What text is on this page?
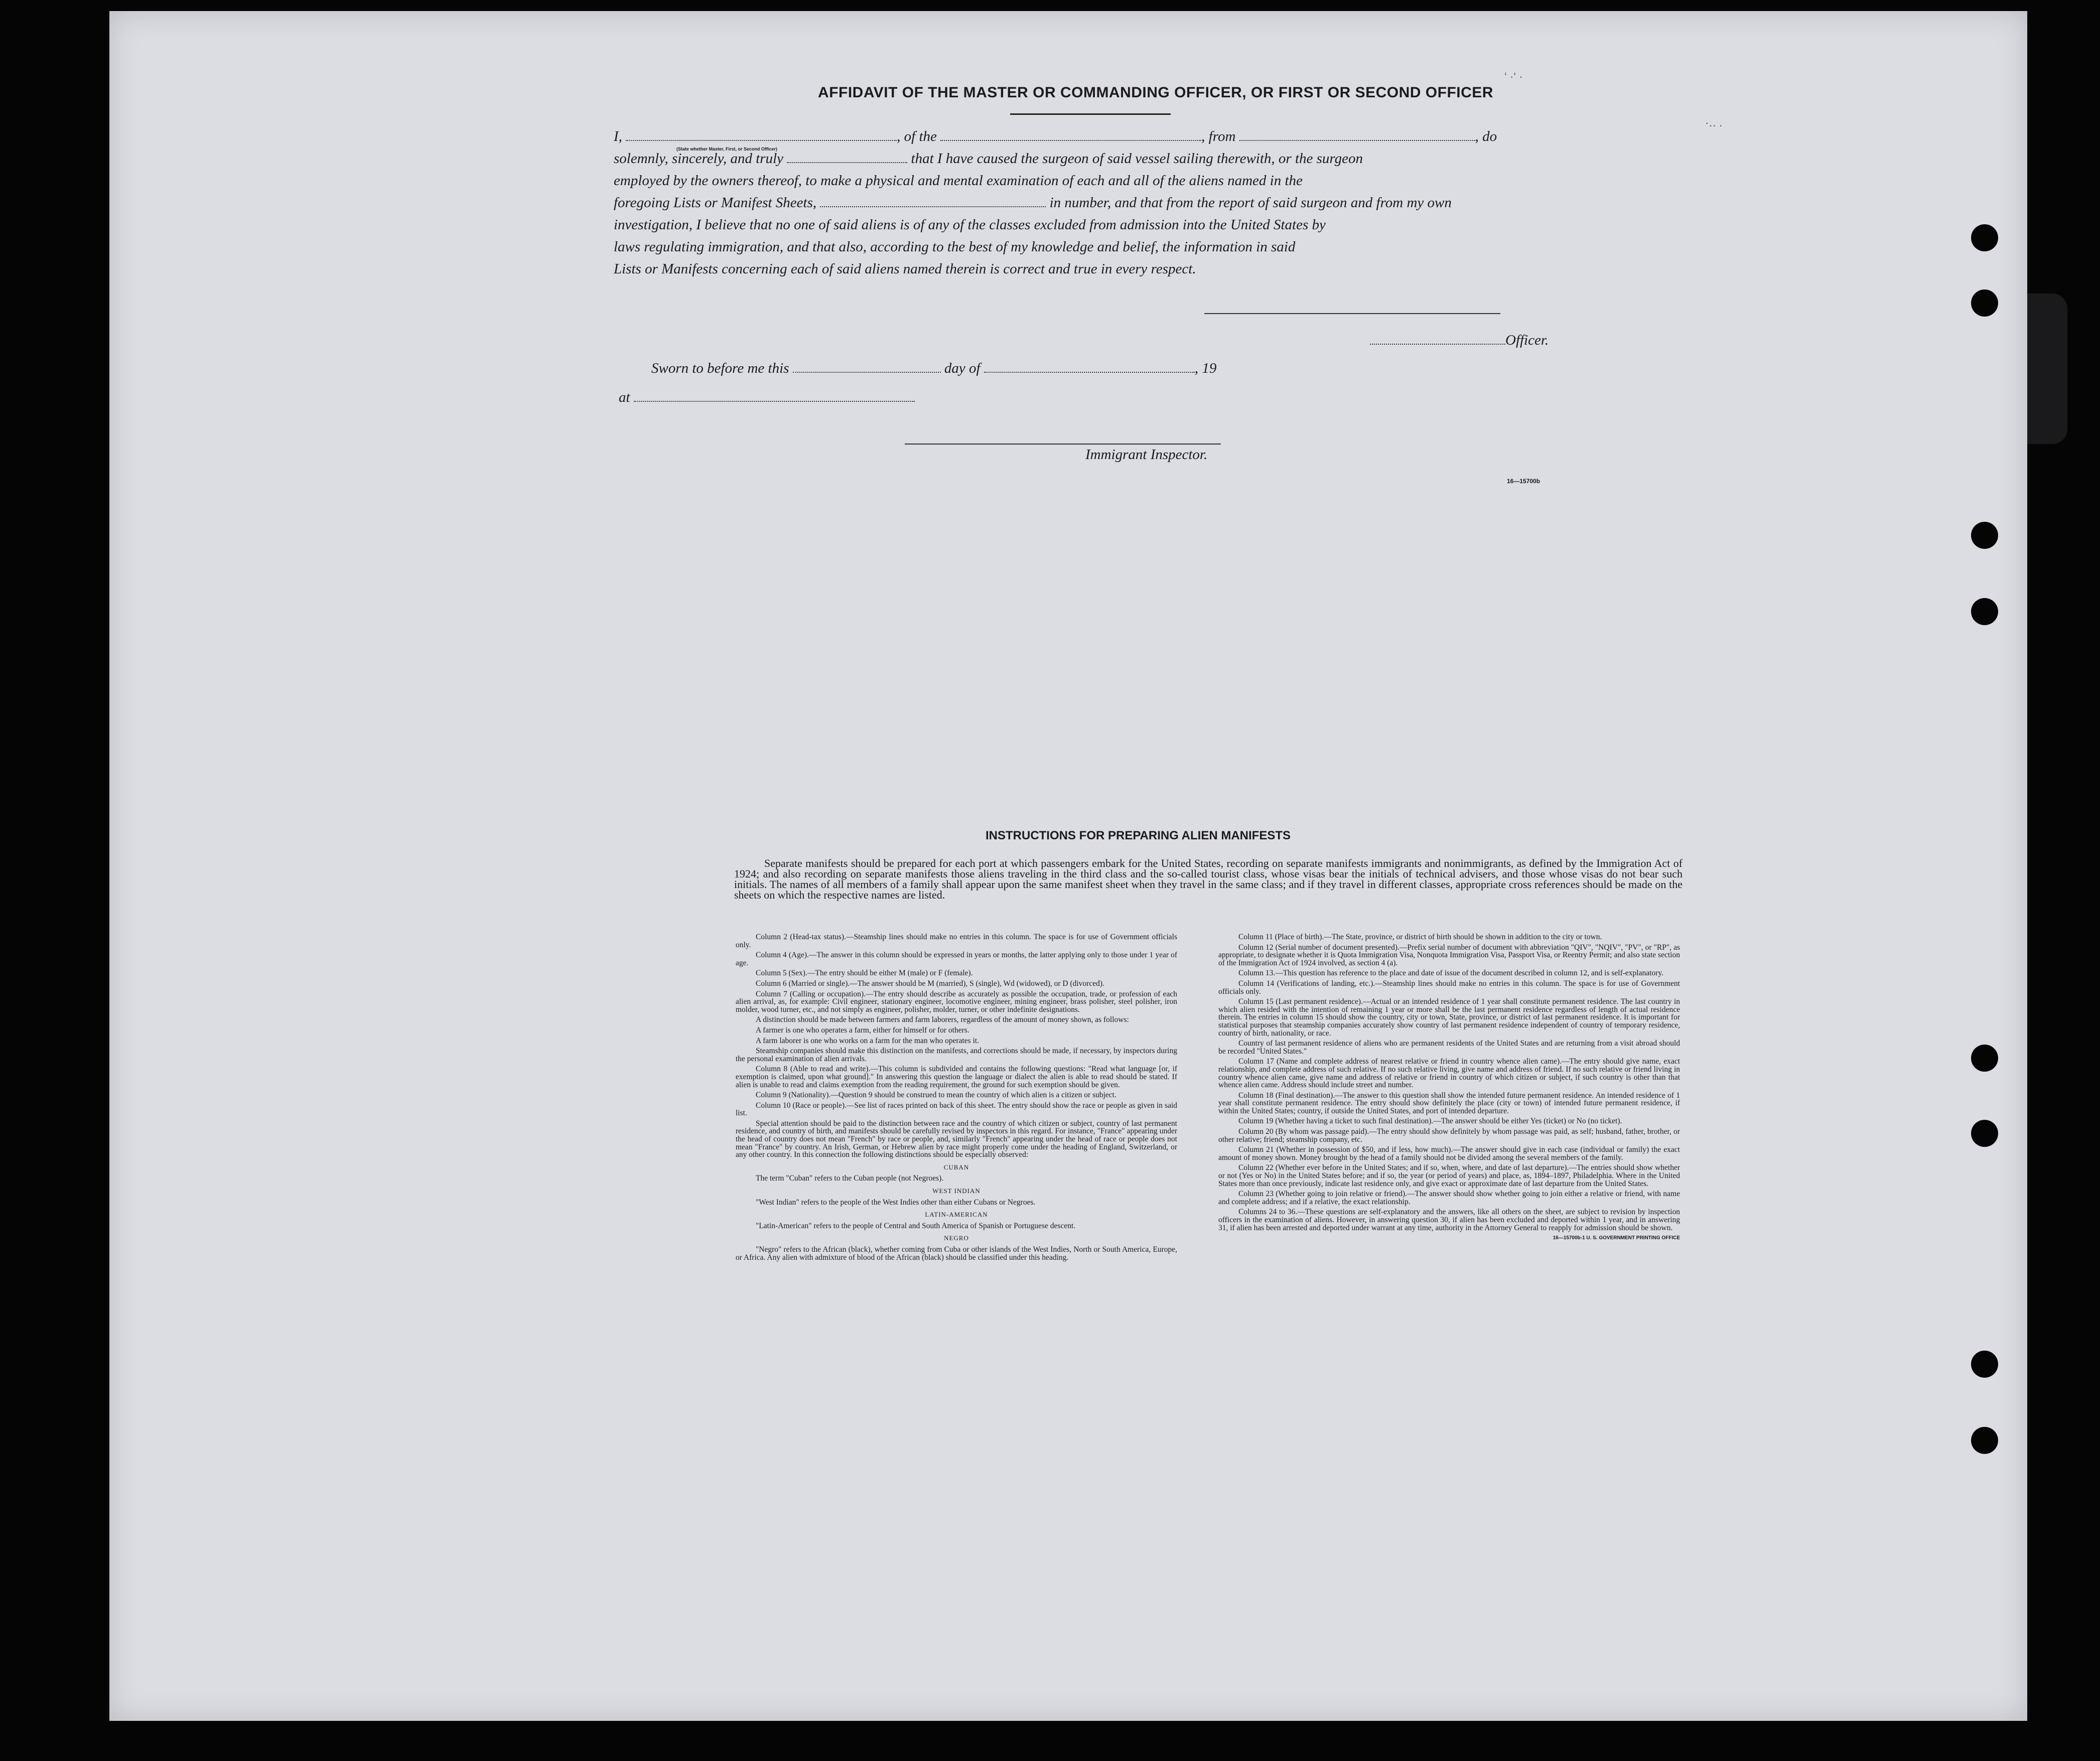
‘ ·‘ ·
·‥ .
AFFIDAVIT OF THE MASTER OR COMMANDING OFFICER, OR FIRST OR SECOND OFFICER
I,	, of the	, from	, do
(State whether Master, First, or Second Officer)
solemnly, sincerely, and truly	that I have caused the surgeon of said vessel sailing therewith, or the surgeon
employed by the owners thereof, to make a physical and mental examination of each and all of the aliens named in the
foregoing Lists or Manifest Sheets,	in number, and that from the report of said surgeon and from my own
investigation, I believe that no one of said aliens is of any of the classes excluded from admission into the United States by
laws regulating immigration, and that also, according to the best of my knowledge and belief, the information in said
Lists or Manifests concerning each of said aliens named therein is correct and true in every respect.
Officer.
Sworn to before me this	day of	, 19
at
Immigrant Inspector.
16—15700b
INSTRUCTIONS FOR PREPARING ALIEN MANIFESTS
Separate manifests should be prepared for each port at which passengers embark for the United States, recording on separate manifests immigrants and nonimmigrants, as defined by the Immigration Act of 1924; and also recording on separate manifests those aliens traveling in the third class and the so-called tourist class, whose visas bear the initials of technical advisers, and those whose visas do not bear such initials. The names of all members of a family shall appear upon the same manifest sheet when they travel in the same class; and if they travel in different classes, appropriate cross references should be made on the sheets on which the respective names are listed.

Column 2 (Head-tax status).—Steamship lines should make no entries in this column. The space is for use of Government officials only.

Column 4 (Age).—The answer in this column should be expressed in years or months, the latter applying only to those under 1 year of age.

Column 5 (Sex).—The entry should be either M (male) or F (female).

Column 6 (Married or single).—The answer should be M (married), S (single), Wd (widowed), or D (divorced).

Column 7 (Calling or occupation).—The entry should describe as accurately as possible the occupation, trade, or profession of each alien arrival, as, for example: Civil engineer, stationary engineer, locomotive engineer, mining engineer, brass polisher, steel polisher, iron molder, wood turner, etc., and not simply as engineer, polisher, molder, turner, or other indefinite designations.

A distinction should be made between farmers and farm laborers, regardless of the amount of money shown, as follows:

A farmer is one who operates a farm, either for himself or for others.

A farm laborer is one who works on a farm for the man who operates it.

Steamship companies should make this distinction on the manifests, and corrections should be made, if necessary, by inspectors during the personal examination of alien arrivals.

Column 8 (Able to read and write).—This column is subdivided and contains the following questions: "Read what language [or, if exemption is claimed, upon what ground]." In answering this question the language or dialect the alien is able to read should be stated. If alien is unable to read and claims exemption from the reading requirement, the ground for such exemption should be given.

Column 9 (Nationality).—Question 9 should be construed to mean the country of which alien is a citizen or subject.

Column 10 (Race or people).—See list of races printed on back of this sheet. The entry should show the race or people as given in said list.

Special attention should be paid to the distinction between race and the country of which citizen or subject, country of last permanent residence, and country of birth, and manifests should be carefully revised by inspectors in this regard. For instance, "France" appearing under the head of country does not mean "French" by race or people, and, similarly "French" appearing under the head of race or people does not mean "France" by country. An Irish, German, or Hebrew alien by race might properly come under the heading of England, Switzerland, or any other country. In this connection the following distinctions should be especially observed:

CUBAN

The term "Cuban" refers to the Cuban people (not Negroes).

WEST INDIAN

"West Indian" refers to the people of the West Indies other than either Cubans or Negroes.

LATIN-AMERICAN

"Latin-American" refers to the people of Central and South America of Spanish or Portuguese descent.

NEGRO

"Negro" refers to the African (black), whether coming from Cuba or other islands of the West Indies, North or South America, Europe, or Africa. Any alien with admixture of blood of the African (black) should be classified under this heading.

Column 11 (Place of birth).—The State, province, or district of birth should be shown in addition to the city or town.

Column 12 (Serial number of document presented).—Prefix serial number of document with abbreviation "QIV", "NQIV", "PV", or "RP", as appropriate, to designate whether it is Quota Immigration Visa, Nonquota Immigration Visa, Passport Visa, or Reentry Permit; and also state section of the Immigration Act of 1924 involved, as section 4 (a).

Column 13.—This question has reference to the place and date of issue of the document described in column 12, and is self-explanatory.

Column 14 (Verifications of landing, etc.).—Steamship lines should make no entries in this column. The space is for use of Government officials only.

Column 15 (Last permanent residence).—Actual or an intended residence of 1 year shall constitute permanent residence. The last country in which alien resided with the intention of remaining 1 year or more shall be the last permanent residence regardless of length of actual residence therein. The entries in column 15 should show the country, city or town, State, province, or district of last permanent residence. It is important for statistical purposes that steamship companies accurately show country of last permanent residence independent of country of temporary residence, country of birth, nationality, or race.

Country of last permanent residence of aliens who are permanent residents of the United States and are returning from a visit abroad should be recorded "United States."

Column 17 (Name and complete address of nearest relative or friend in country whence alien came).—The entry should give name, exact relationship, and complete address of such relative. If no such relative living, give name and address of friend. If no such relative or friend living in country whence alien came, give name and address of relative or friend in country of which citizen or subject, if such country is other than that whence alien came. Address should include street and number.

Column 18 (Final destination).—The answer to this question shall show the intended future permanent residence. An intended residence of 1 year shall constitute permanent residence. The entry should show definitely the place (city or town) of intended future permanent residence, if within the United States; country, if outside the United States, and port of intended departure.

Column 19 (Whether having a ticket to such final destination).—The answer should be either Yes (ticket) or No (no ticket).

Column 20 (By whom was passage paid).—The entry should show definitely by whom passage was paid, as self; husband, father, brother, or other relative; friend; steamship company, etc.

Column 21 (Whether in possession of $50, and if less, how much).—The answer should give in each case (individual or family) the exact amount of money shown. Money brought by the head of a family should not be divided among the several members of the family.

Column 22 (Whether ever before in the United States; and if so, when, where, and date of last departure).—The entries should show whether or not (Yes or No) in the United States before; and if so, the year (or period of years) and place, as, 1894–1897, Philadelphia. Where in the United States more than once previously, indicate last residence only, and give exact or approximate date of last departure from the United States.

Column 23 (Whether going to join relative or friend).—The answer should show whether going to join either a relative or friend, with name and complete address; and if a relative, the exact relationship.

Columns 24 to 36.—These questions are self-explanatory and the answers, like all others on the sheet, are subject to revision by inspection officers in the examination of aliens. However, in answering question 30, if alien has been excluded and deported within 1 year, and in answering 31, if alien has been arrested and deported under warrant at any time, authority in the Attorney General to reapply for admission should be shown.

16—15700b-1 U. S. GOVERNMENT PRINTING OFFICE
